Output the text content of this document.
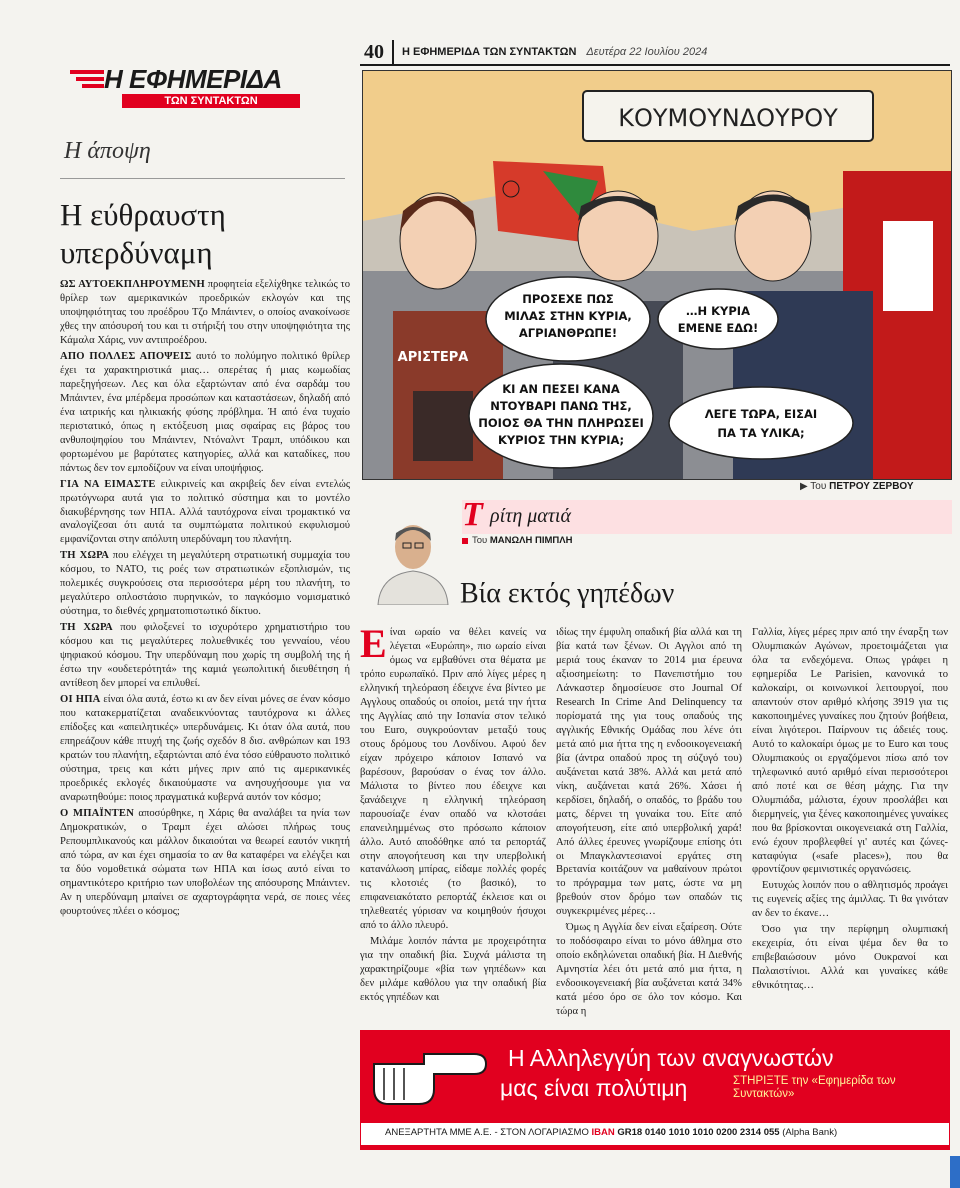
40	Η ΕΦΗΜΕΡΙΔΑ ΤΩΝ ΣΥΝΤΑΚΤΩΝ Δευτέρα 22 Ιουλίου 2024
Η ΕΦΗΜΕΡΙΔΑ
ΤΩΝ ΣΥΝΤΑΚΤΩΝ
Η άποψη
Η εύθραυστη
υπερδύναμη

ΩΣ ΑΥΤΟΕΚΠΛΗΡΟΥΜΕΝΗ προφητεία εξελίχθηκε τελικώς το θρίλερ των αμερικανικών προεδρικών εκλογών και της υποψηφιότητας του προέδρου Τζο Μπάιντεν, ο οποίος ανακοίνωσε χθες την απόσυρσή του και τι στήριξή του στην υποψηφιότητα της Κάμαλα Χάρις, νυν αντιπροέδρου.

ΑΠΟ ΠΟΛΛΕΣ ΑΠΟΨΕΙΣ αυτό το πολύμηνο πολιτικό θρίλερ έχει τα χαρακτηριστικά μιας… οπερέτας ή μιας κωμωδίας παρεξηγήσεων. Λες και όλα εξαρτώνταν από ένα σαρδάμ του Μπάιντεν, ένα μπέρδεμα προσώπων και καταστάσεων, δηλαδή από ένα ιατρικής και ηλικιακής φύσης πρόβλημα. Ή από ένα τυχαίο περιστατικό, όπως η εκτόξευση μιας σφαίρας εις βάρος του ανθυποψηφίου του Μπάιντεν, Ντόναλντ Τραμπ, υπόδικου και φορτωμένου με βαρύτατες κατηγορίες, αλλά και καταδίκες, που πάντως δεν τον εμποδίζουν να είναι υποψήφιος.

ΓΙΑ ΝΑ ΕΙΜΑΣΤΕ ειλικρινείς και ακριβείς δεν είναι εντελώς πρωτόγνωρα αυτά για το πολιτικό σύστημα και το μοντέλο διακυβέρνησης των ΗΠΑ. Αλλά ταυτόχρονα είναι τρομακτικό να αναλογίζεσαι ότι αυτά τα συμπτώματα πολιτικού εκφυλισμού εμφανίζονται στην απόλυτη υπερδύναμη του πλανήτη.

ΤΗ ΧΩΡΑ που ελέγχει τη μεγαλύτερη στρατιωτική συμμαχία του κόσμου, το ΝΑΤΟ, τις ροές των στρατιωτικών εξοπλισμών, τις πολεμικές συγκρούσεις στα περισσότερα μέρη του πλανήτη, το μεγαλύτερο οπλοστάσιο πυρηνικών, το παγκόσμιο νομισματικό σύστημα, το διεθνές χρηματοπιστωτικό δίκτυο.

ΤΗ ΧΩΡΑ που φιλοξενεί το ισχυρότερο χρηματιστήριο του κόσμου και τις μεγαλύτερες πολυεθνικές του γενναίου, νέου ψηφιακού κόσμου. Την υπερδύναμη που χωρίς τη συμβολή της ή έστω την «ουδετερότητά» της καμιά γεωπολιτική διευθέτηση ή αντίθεση δεν μπορεί να επιλυθεί.

ΟΙ ΗΠΑ είναι όλα αυτά, έστω κι αν δεν είναι μόνες σε έναν κόσμο που κατακερματίζεται αναδεικνύοντας ταυτόχρονα κι άλλες επίδοξες και «απειλητικές» υπερδυνάμεις. Κι όταν όλα αυτά, που επηρεάζουν κάθε πτυχή της ζωής σχεδόν 8 δισ. ανθρώπων και 193 κρατών του πλανήτη, εξαρτώνται από ένα τόσο εύθραυστο πολιτικό σύστημα, τρεις και κάτι μήνες πριν από τις αμερικανικές προεδρικές εκλογές δικαιούμαστε να ανησυχήσουμε για να αναρωτηθούμε: ποιος πραγματικά κυβερνά αυτόν τον κόσμο;

Ο ΜΠΑΪΝΤΕΝ αποσύρθηκε, η Χάρις θα αναλάβει τα ηνία των Δημοκρατικών, ο Τραμπ έχει αλώσει πλήρως τους Ρεπουμπλικανούς και μάλλον δικαιούται να θεωρεί εαυτόν νικητή από τώρα, αν και έχει σημασία το αν θα καταφέρει να ελέγξει και τα δύο νομοθετικά σώματα των ΗΠΑ και ίσως αυτό είναι το σημαντικότερο κριτήριο των υποβολέων της απόσυρσης Μπάιντεν. Αν η υπερδύναμη μπαίνει σε αχαρτογράφητα νερά, σε ποιες νέες φουρτούνες πλέει ο κόσμος;

ΚΟΥΜΟΥΝΔΟΥΡΟΥ
ΑΡΙΣΤΕΡΑ
ΠΡΟΣΕΧΕ ΠΩΣ
ΜΙΛΑΣ ΣΤΗΝ ΚΥΡΙΑ,
ΑΓΡΙΑΝΘΡΩΠΕ!
…Η ΚΥΡΙΑ
ΕΜΕΝΕ ΕΔΩ!
ΚΙ ΑΝ ΠΕΣΕΙ ΚΑΝΑ
ΝΤΟΥΒΑΡΙ ΠΑΝΩ ΤΗΣ,
ΠΟΙΟΣ ΘΑ ΤΗΝ ΠΛΗΡΩΣΕΙ
ΚΥΡΙΟΣ ΤΗΝ ΚΥΡΙΑ;
ΛΕΓΕ ΤΩΡΑ, ΕΙΣΑΙ
ΠΑ ΤΑ ΥΛΙΚΑ;
▶ Του ΠΕΤΡΟΥ ΖΕΡΒΟΥ
Τ ρίτη ματιά
Του ΜΑΝΩΛΗ ΠΙΜΠΛΗ
Βία εκτός γηπέδων

Είναι ωραίο να θέλει κανείς να λέγεται «Ευρώπη», πιο ωραίο είναι όμως να εμβαθύνει στα θέματα με τρόπο ευρωπαϊκό. Πριν από λίγες μέρες η ελληνική τηλεόραση έδειχνε ένα βίντεο με Αγγλους οπαδούς οι οποίοι, μετά την ήττα της Αγγλίας από την Ισπανία στον τελικό του Euro, συγκρούονταν μεταξύ τους στους δρόμους του Λονδίνου. Αφού δεν είχαν πρόχειρο κάποιον Ισπανό να βαρέσουν, βαρούσαν ο ένας τον άλλο. Μάλιστα το βίντεο που έδειχνε και ξανάδειχνε η ελληνική τηλεόραση παρουσίαζε έναν οπαδό να κλοτσάει επανειλημμένως στο πρόσωπο κάποιον άλλο. Αυτό αποδόθηκε από τα ρεπορτάζ στην απογοήτευση και την υπερβολική κατανάλωση μπίρας, είδαμε πολλές φορές τις κλοτσιές (το βασικό), το επιφανειακότατο ρεπορτάζ έκλεισε και οι τηλεθεατές γύρισαν να κοιμηθούν ήσυχοι από το άλλο πλευρό.

Μιλάμε λοιπόν πάντα με προχειρότητα για την οπαδική βία. Συχνά μάλιστα τη χαρακτηρίζουμε «βία των γηπέδων» και δεν μιλάμε καθόλου για την οπαδική βία εκτός γηπέδων και

ιδίως την έμφυλη οπαδική βία αλλά και τη βία κατά των ξένων. Οι Αγγλοι από τη μεριά τους έκαναν το 2014 μια έρευνα αξιοσημείωτη: το Πανεπιστήμιο του Λάνκαστερ δημοσίευσε στο Journal Of Research In Crime And Delinquency τα πορίσματά της για τους οπαδούς της αγγλικής Εθνικής Ομάδας που λένε ότι μετά από μια ήττα της η ενδοοικογενειακή βία (άντρα οπαδού προς τη σύζυγό του) αυξάνεται κατά 38%. Αλλά και μετά από νίκη, αυξάνεται κατά 26%. Χάσει ή κερδίσει, δηλαδή, ο οπαδός, το βράδυ του ματς, δέρνει τη γυναίκα του. Είτε από απογοήτευση, είτε από υπερβολική χαρά! Από άλλες έρευνες γνωρίζουμε επίσης ότι οι Μπαγκλαντεσιανοί εργάτες στη Βρετανία κοιτάζουν να μαθαίνουν πρώτοι το πρόγραμμα των ματς, ώστε να μη βρεθούν στον δρόμο των οπαδών τις συγκεκριμένες μέρες…

Όμως η Αγγλία δεν είναι εξαίρεση. Ούτε το ποδόσφαιρο είναι το μόνο άθλημα στο οποίο εκδηλώνεται οπαδική βία. Η Διεθνής Αμνηστία λέει ότι μετά από μια ήττα, η ενδοοικογενειακή βία αυξάνεται κατά 34% κατά μέσο όρο σε όλο τον κόσμο. Και τώρα η

Γαλλία, λίγες μέρες πριν από την έναρξη των Ολυμπιακών Αγώνων, προετοιμάζεται για όλα τα ενδεχόμενα. Οπως γράφει η εφημερίδα Le Parisien, κανονικά το καλοκαίρι, οι κοινωνικοί λειτουργοί, που απαντούν στον αριθμό κλήσης 3919 για τις κακοποιημένες γυναίκες που ζητούν βοήθεια, είναι λιγότεροι. Παίρνουν τις άδειές τους. Αυτό το καλοκαίρι όμως με το Euro και τους Ολυμπιακούς οι εργαζόμενοι πίσω από τον τηλεφωνικό αυτό αριθμό είναι περισσότεροι από ποτέ και σε θέση μάχης. Για την Ολυμπιάδα, μάλιστα, έχουν προσλάβει και διερμηνείς, για ξένες κακοποιημένες γυναίκες που θα βρίσκονται οικογενειακά στη Γαλλία, ενώ έχουν προβλεφθεί γι' αυτές και ζώνες-καταφύγια («safe places»), που θα φροντίζουν φεμινιστικές οργανώσεις.

Ευτυχώς λοιπόν που ο αθλητισμός προάγει τις ευγενείς αξίες της άμιλλας. Τι θα γινόταν αν δεν το έκανε…

Όσο για την περίφημη ολυμπιακή εκεχειρία, ότι είναι ψέμα δεν θα το επιβεβαιώσουν μόνο Ουκρανοί και Παλαιστίνιοι. Αλλά και γυναίκες κάθε εθνικότητας…

Η Αλληλεγγύη των αναγνωστών
μας είναι πολύτιμη	ΣΤΗΡΙΞΤΕ την «Εφημερίδα των Συντακτών»
ΑΝΕΞΑΡΤΗΤΑ ΜΜΕ Α.Ε. - ΣΤΟΝ ΛΟΓΑΡΙΑΣΜΟ IBAN GR18 0140 1010 1010 0200 2314 055 (Alpha Bank)
